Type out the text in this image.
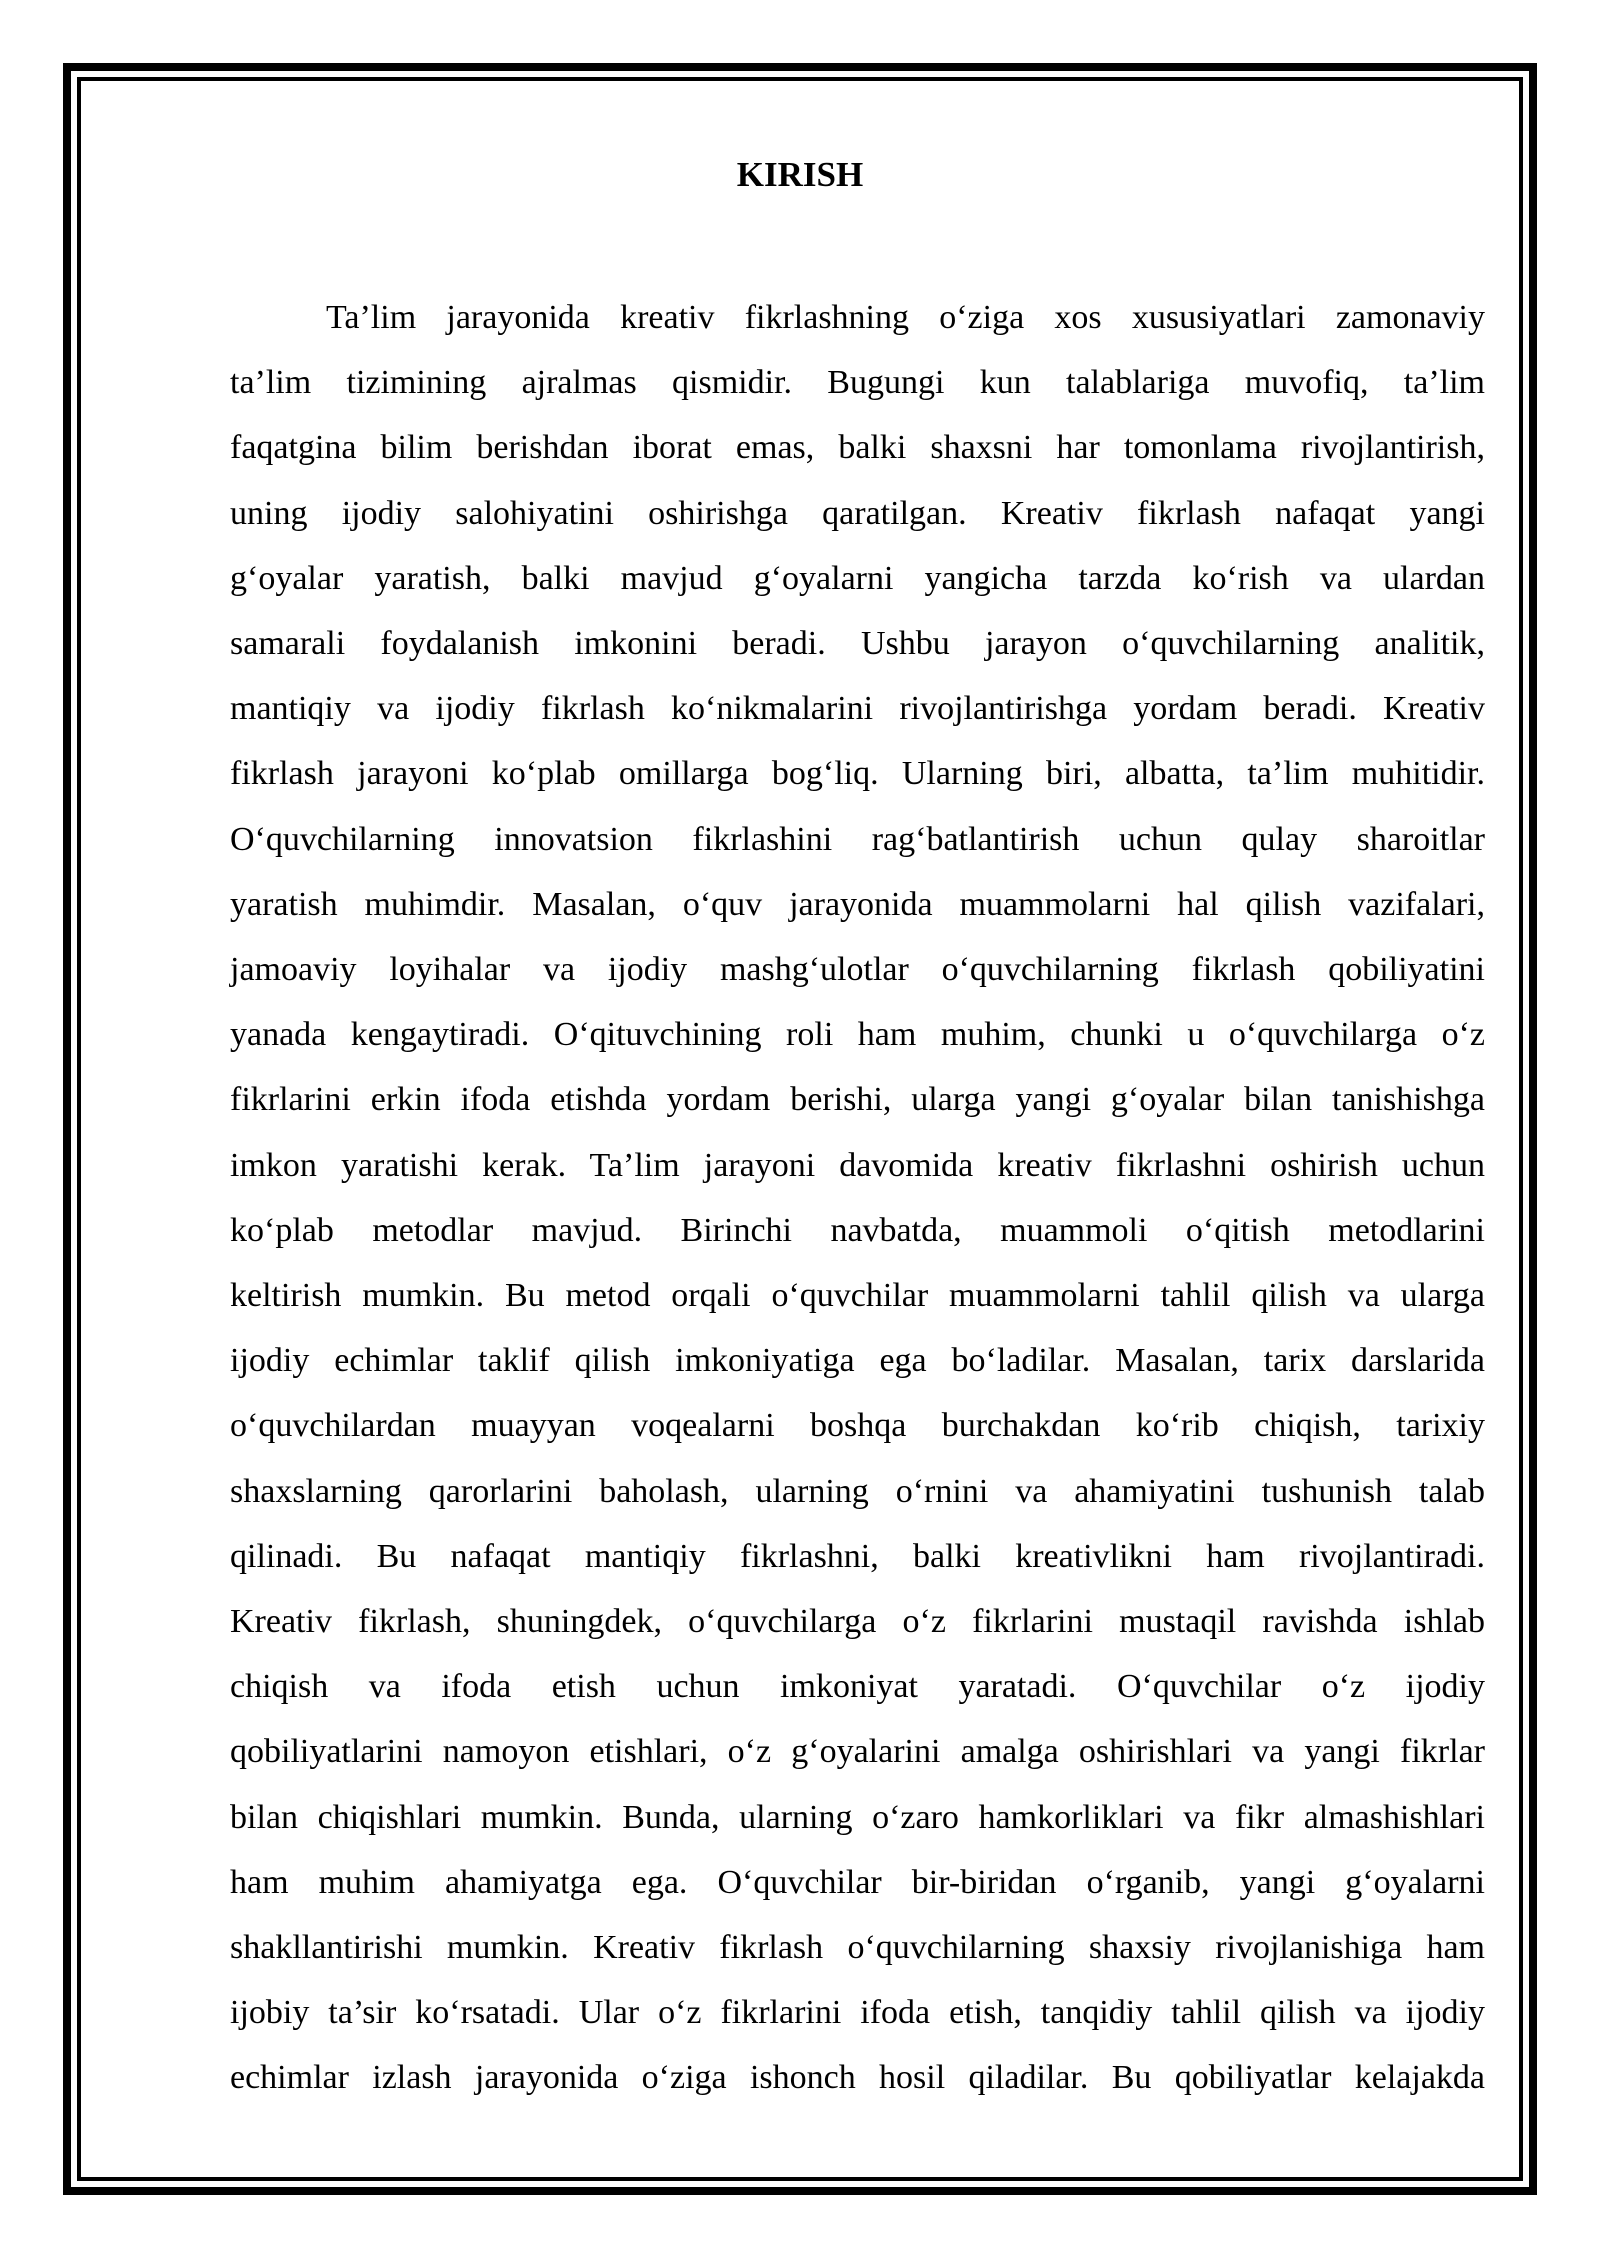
KIRISH
Ta’lim jarayonida kreativ fikrlashning o‘ziga xos xususiyatlari zamonaviy
ta’lim tizimining ajralmas qismidir. Bugungi kun talablariga muvofiq, ta’lim
faqatgina bilim berishdan iborat emas, balki shaxsni har tomonlama rivojlantirish,
uning ijodiy salohiyatini oshirishga qaratilgan. Kreativ fikrlash nafaqat yangi
g‘oyalar yaratish, balki mavjud g‘oyalarni yangicha tarzda ko‘rish va ulardan
samarali foydalanish imkonini beradi. Ushbu jarayon o‘quvchilarning analitik,
mantiqiy va ijodiy fikrlash ko‘nikmalarini rivojlantirishga yordam beradi. Kreativ
fikrlash jarayoni ko‘plab omillarga bog‘liq. Ularning biri, albatta, ta’lim muhitidir.
O‘quvchilarning innovatsion fikrlashini rag‘batlantirish uchun qulay sharoitlar
yaratish muhimdir. Masalan, o‘quv jarayonida muammolarni hal qilish vazifalari,
jamoaviy loyihalar va ijodiy mashg‘ulotlar o‘quvchilarning fikrlash qobiliyatini
yanada kengaytiradi. O‘qituvchining roli ham muhim, chunki u o‘quvchilarga o‘z
fikrlarini erkin ifoda etishda yordam berishi, ularga yangi g‘oyalar bilan tanishishga
imkon yaratishi kerak. Ta’lim jarayoni davomida kreativ fikrlashni oshirish uchun
ko‘plab metodlar mavjud. Birinchi navbatda, muammoli o‘qitish metodlarini
keltirish mumkin. Bu metod orqali o‘quvchilar muammolarni tahlil qilish va ularga
ijodiy echimlar taklif qilish imkoniyatiga ega bo‘ladilar. Masalan, tarix darslarida
o‘quvchilardan muayyan voqealarni boshqa burchakdan ko‘rib chiqish, tarixiy
shaxslarning qarorlarini baholash, ularning o‘rnini va ahamiyatini tushunish talab
qilinadi. Bu nafaqat mantiqiy fikrlashni, balki kreativlikni ham rivojlantiradi.
Kreativ fikrlash, shuningdek, o‘quvchilarga o‘z fikrlarini mustaqil ravishda ishlab
chiqish va ifoda etish uchun imkoniyat yaratadi. O‘quvchilar o‘z ijodiy
qobiliyatlarini namoyon etishlari, o‘z g‘oyalarini amalga oshirishlari va yangi fikrlar
bilan chiqishlari mumkin. Bunda, ularning o‘zaro hamkorliklari va fikr almashishlari
ham muhim ahamiyatga ega. O‘quvchilar bir-biridan o‘rganib, yangi g‘oyalarni
shakllantirishi mumkin. Kreativ fikrlash o‘quvchilarning shaxsiy rivojlanishiga ham
ijobiy ta’sir ko‘rsatadi. Ular o‘z fikrlarini ifoda etish, tanqidiy tahlil qilish va ijodiy
echimlar izlash jarayonida o‘ziga ishonch hosil qiladilar. Bu qobiliyatlar kelajakda
